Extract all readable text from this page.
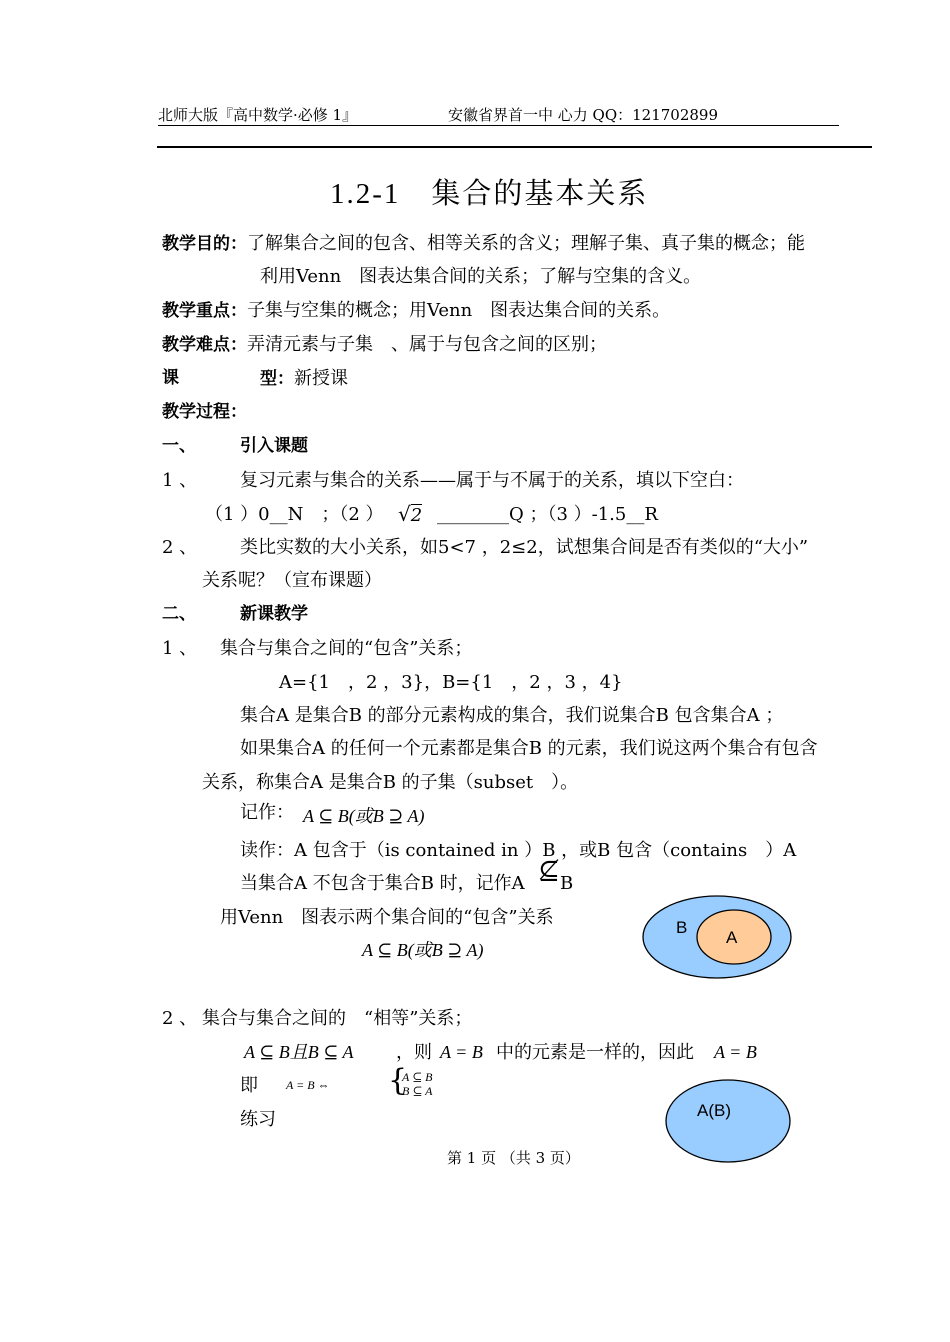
北师大版『高中数学·必修 1』	安徽省界首一中 心力 QQ：121702899
1.2-1　集合的基本关系
教学目的：了解集合之间的包含、相等关系的含义；理解子集、真子集的概念；能
利用Venn　图表达集合间的关系；了解与空集的含义。
教学重点：子集与空集的概念；用Venn　图表达集合间的关系。
教学难点：弄清元素与子集　、属于与包含之间的区别；
课	型：新授课
教学过程：
一、	引入课题
1 、 复习元素与集合的关系——属于与不属于的关系，填以下空白：
（1 ）0__N　；（2 ） √2 ________Q ；（3 ）-1.5__R
2 、 类比实数的大小关系，如5<7 ，2≤2，试想集合间是否有类似的“大小”
关系呢？（宣布课题）
二、	新课教学
1 、 集合与集合之间的“包含”关系；
A={1　，2 ，3}，B={1　，2 ，3 ，4}
集合A 是集合B 的部分元素构成的集合，我们说集合B 包含集合A ；
如果集合A 的任何一个元素都是集合B 的元素，我们说这两个集合有包含
关系，称集合A 是集合B 的子集（subset　）。
记作： A ⊆ B(或B ⊇ A)
读作：A 包含于（is contained in ）B ，或B 包含（contains　）A
当集合A 不包含于集合B 时，记作A ⊈ B
用Venn　图表示两个集合间的“包含”关系
A ⊆ B(或B ⊇ A)
B
A
2 、 集合与集合之间的　“相等”关系；
A ⊆ B且B ⊆ A ，则 A = B 中的元素是一样的，因此 A = B
即 A = B ⇔ {
A ⊆ B
B ⊆ A
练习	A(B)
第 1 页 （共 3 页）
